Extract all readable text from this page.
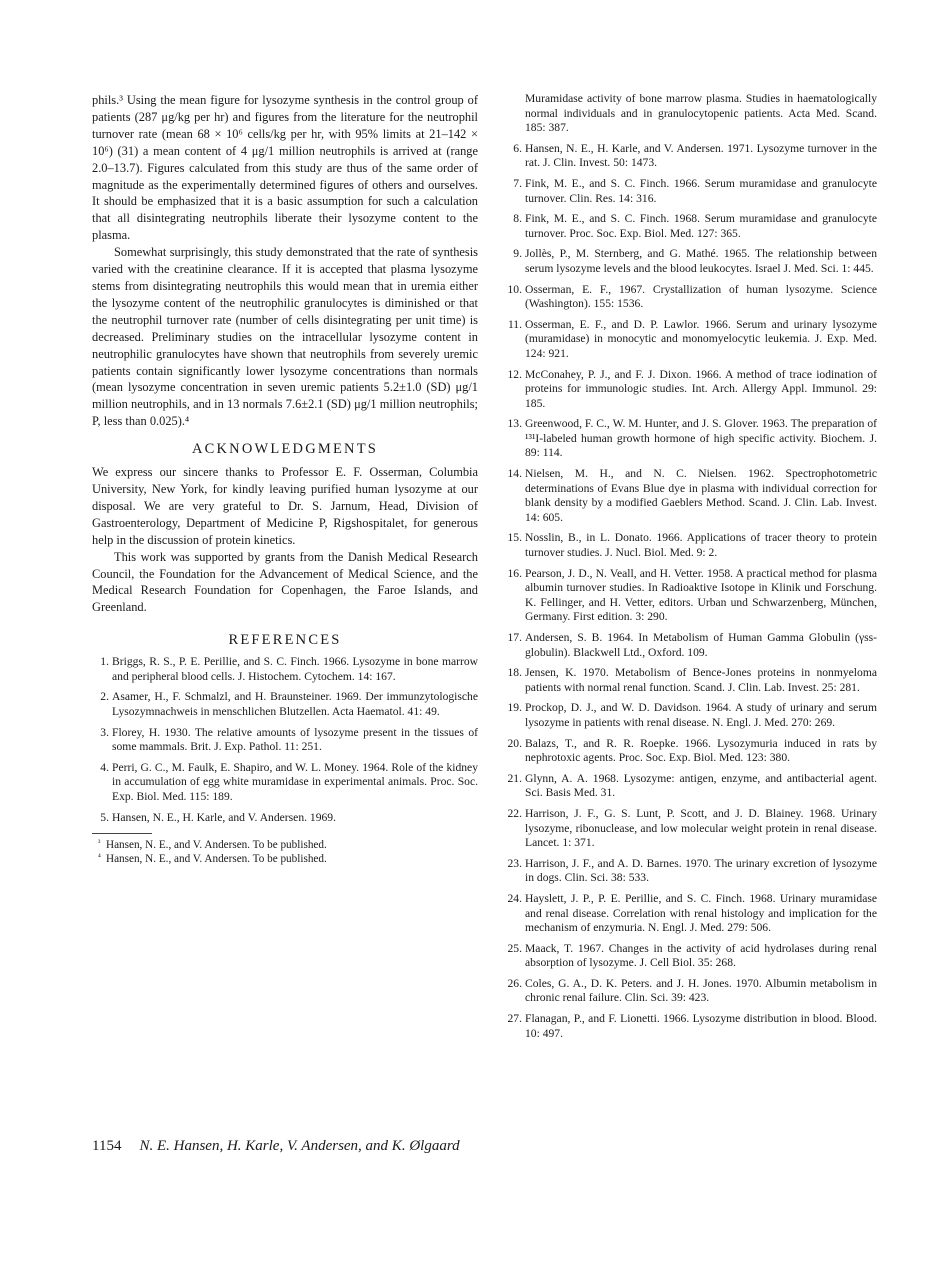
phils.³ Using the mean figure for lysozyme synthesis in the control group of patients (287 μg/kg per hr) and figures from the literature for the neutrophil turnover rate (mean 68 × 10⁶ cells/kg per hr, with 95% limits at 21–142 × 10⁶) (31) a mean content of 4 μg/1 million neutrophils is arrived at (range 2.0–13.7). Figures calculated from this study are thus of the same order of magnitude as the experimentally determined figures of others and ourselves. It should be emphasized that it is a basic assumption for such a calculation that all disintegrating neutrophils liberate their lysozyme content to the plasma.

Somewhat surprisingly, this study demonstrated that the rate of synthesis varied with the creatinine clearance. If it is accepted that plasma lysozyme stems from disintegrating neutrophils this would mean that in uremia either the lysozyme content of the neutrophilic granulocytes is diminished or that the neutrophil turnover rate (number of cells disintegrating per unit time) is decreased. Preliminary studies on the intracellular lysozyme content in neutrophilic granulocytes have shown that neutrophils from severely uremic patients contain significantly lower lysozyme concentrations than normals (mean lysozyme concentration in seven uremic patients 5.2±1.0 (SD) μg/1 million neutrophils, and in 13 normals 7.6±2.1 (SD) μg/1 million neutrophils; P, less than 0.025).⁴

ACKNOWLEDGMENTS

We express our sincere thanks to Professor E. F. Osserman, Columbia University, New York, for kindly leaving purified human lysozyme at our disposal. We are very grateful to Dr. S. Jarnum, Head, Division of Gastroenterology, Department of Medicine P, Rigshospitalet, for generous help in the discussion of protein kinetics.

This work was supported by grants from the Danish Medical Research Council, the Foundation for the Advancement of Medical Science, and the Medical Research Foundation for Copenhagen, the Faroe Islands, and Greenland.

REFERENCES
1. Briggs, R. S., P. E. Perillie, and S. C. Finch. 1966. Lysozyme in bone marrow and peripheral blood cells. J. Histochem. Cytochem. 14: 167.
2. Asamer, H., F. Schmalzl, and H. Braunsteiner. 1969. Der immunzytologische Lysozymnachweis in menschlichen Blutzellen. Acta Haematol. 41: 49.
3. Florey, H. 1930. The relative amounts of lysozyme present in the tissues of some mammals. Brit. J. Exp. Pathol. 11: 251.
4. Perri, G. C., M. Faulk, E. Shapiro, and W. L. Money. 1964. Role of the kidney in accumulation of egg white muramidase in experimental animals. Proc. Soc. Exp. Biol. Med. 115: 189.
5. Hansen, N. E., H. Karle, and V. Andersen. 1969.

³ Hansen, N. E., and V. Andersen. To be published.

⁴ Hansen, N. E., and V. Andersen. To be published.

Muramidase activity of bone marrow plasma. Studies in haematologically normal individuals and in granulocytopenic patients. Acta Med. Scand. 185: 387.

6. Hansen, N. E., H. Karle, and V. Andersen. 1971. Lysozyme turnover in the rat. J. Clin. Invest. 50: 1473.
7. Fink, M. E., and S. C. Finch. 1966. Serum muramidase and granulocyte turnover. Clin. Res. 14: 316.
8. Fink, M. E., and S. C. Finch. 1968. Serum muramidase and granulocyte turnover. Proc. Soc. Exp. Biol. Med. 127: 365.
9. Jollès, P., M. Sternberg, and G. Mathé. 1965. The relationship between serum lysozyme levels and the blood leukocytes. Israel J. Med. Sci. 1: 445.
10. Osserman, E. F., 1967. Crystallization of human lysozyme. Science (Washington). 155: 1536.
11. Osserman, E. F., and D. P. Lawlor. 1966. Serum and urinary lysozyme (muramidase) in monocytic and monomyelocytic leukemia. J. Exp. Med. 124: 921.
12. McConahey, P. J., and F. J. Dixon. 1966. A method of trace iodination of proteins for immunologic studies. Int. Arch. Allergy Appl. Immunol. 29: 185.
13. Greenwood, F. C., W. M. Hunter, and J. S. Glover. 1963. The preparation of ¹³¹I-labeled human growth hormone of high specific activity. Biochem. J. 89: 114.
14. Nielsen, M. H., and N. C. Nielsen. 1962. Spectrophotometric determinations of Evans Blue dye in plasma with individual correction for blank density by a modified Gaeblers Method. Scand. J. Clin. Lab. Invest. 14: 605.
15. Nosslin, B., in L. Donato. 1966. Applications of tracer theory to protein turnover studies. J. Nucl. Biol. Med. 9: 2.
16. Pearson, J. D., N. Veall, and H. Vetter. 1958. A practical method for plasma albumin turnover studies. In Radioaktive Isotope in Klinik und Forschung. K. Fellinger, and H. Vetter, editors. Urban und Schwarzenberg, München, Germany. First edition. 3: 290.
17. Andersen, S. B. 1964. In Metabolism of Human Gamma Globulin (γss-globulin). Blackwell Ltd., Oxford. 109.
18. Jensen, K. 1970. Metabolism of Bence-Jones proteins in nonmyeloma patients with normal renal function. Scand. J. Clin. Lab. Invest. 25: 281.
19. Prockop, D. J., and W. D. Davidson. 1964. A study of urinary and serum lysozyme in patients with renal disease. N. Engl. J. Med. 270: 269.
20. Balazs, T., and R. R. Roepke. 1966. Lysozymuria induced in rats by nephrotoxic agents. Proc. Soc. Exp. Biol. Med. 123: 380.
21. Glynn, A. A. 1968. Lysozyme: antigen, enzyme, and antibacterial agent. Sci. Basis Med. 31.
22. Harrison, J. F., G. S. Lunt, P. Scott, and J. D. Blainey. 1968. Urinary lysozyme, ribonuclease, and low molecular weight protein in renal disease. Lancet. 1: 371.
23. Harrison, J. F., and A. D. Barnes. 1970. The urinary excretion of lysozyme in dogs. Clin. Sci. 38: 533.
24. Hayslett, J. P., P. E. Perillie, and S. C. Finch. 1968. Urinary muramidase and renal disease. Correlation with renal histology and implication for the mechanism of enzymuria. N. Engl. J. Med. 279: 506.
25. Maack, T. 1967. Changes in the activity of acid hydrolases during renal absorption of lysozyme. J. Cell Biol. 35: 268.
26. Coles, G. A., D. K. Peters. and J. H. Jones. 1970. Albumin metabolism in chronic renal failure. Clin. Sci. 39: 423.
27. Flanagan, P., and F. Lionetti. 1966. Lysozyme distribution in blood. Blood. 10: 497.
1154 N. E. Hansen, H. Karle, V. Andersen, and K. Ølgaard
